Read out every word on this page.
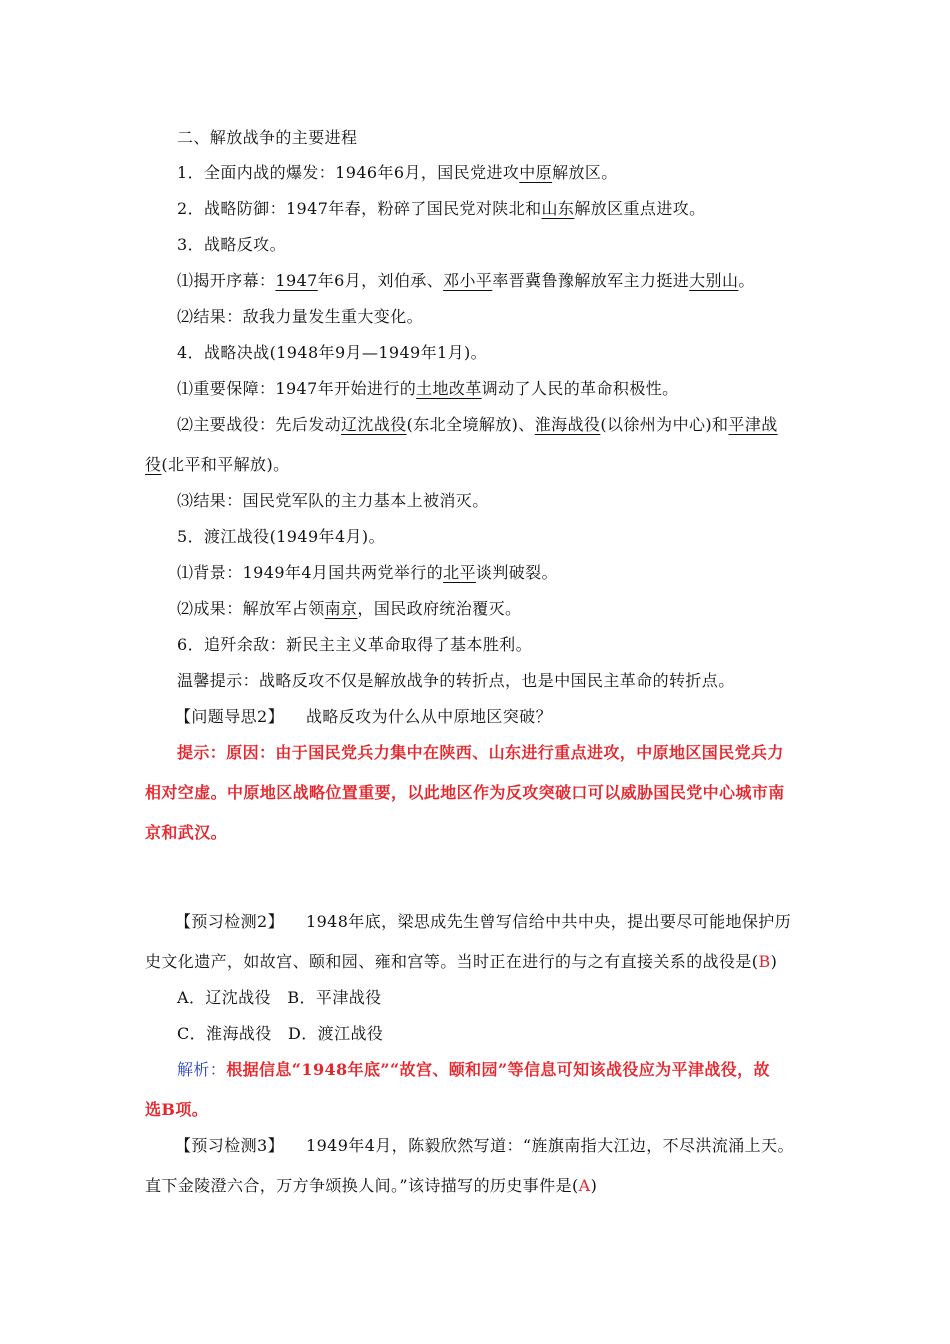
二、解放战争的主要进程
1．全面内战的爆发：1946年6月，国民党进攻中原解放区。
2．战略防御：1947年春，粉碎了国民党对陕北和山东解放区重点进攻。
3．战略反攻。
⑴揭开序幕：1947年6月，刘伯承、邓小平率晋冀鲁豫解放军主力挺进大别山。
⑵结果：敌我力量发生重大变化。
4．战略决战(1948年9月—1949年1月)。
⑴重要保障：1947年开始进行的土地改革调动了人民的革命积极性。
⑵主要战役：先后发动辽沈战役(东北全境解放)、淮海战役(以徐州为中心)和平津战
役(北平和平解放)。
⑶结果：国民党军队的主力基本上被消灭。
5．渡江战役(1949年4月)。
⑴背景：1949年4月国共两党举行的北平谈判破裂。
⑵成果：解放军占领南京，国民政府统治覆灭。
6．追歼余敌：新民主主义革命取得了基本胜利。
温馨提示：战略反攻不仅是解放战争的转折点，也是中国民主革命的转折点。
【问题导思2】 战略反攻为什么从中原地区突破？
提示：原因：由于国民党兵力集中在陕西、山东进行重点进攻，中原地区国民党兵力
相对空虚。中原地区战略位置重要，以此地区作为反攻突破口可以威胁国民党中心城市南
京和武汉。
【预习检测2】 1948年底，梁思成先生曾写信给中共中央，提出要尽可能地保护历
史文化遗产，如故宫、颐和园、雍和宫等。当时正在进行的与之有直接关系的战役是(B)
A．辽沈战役　B．平津战役
C．淮海战役　D．渡江战役
解析：根据信息“1948年底”“故宫、颐和园”等信息可知该战役应为平津战役，故
选B项。
【预习检测3】 1949年4月，陈毅欣然写道：“旌旗南指大江边，不尽洪流涌上天。
直下金陵澄六合，万方争颂换人间。”该诗描写的历史事件是(A)
